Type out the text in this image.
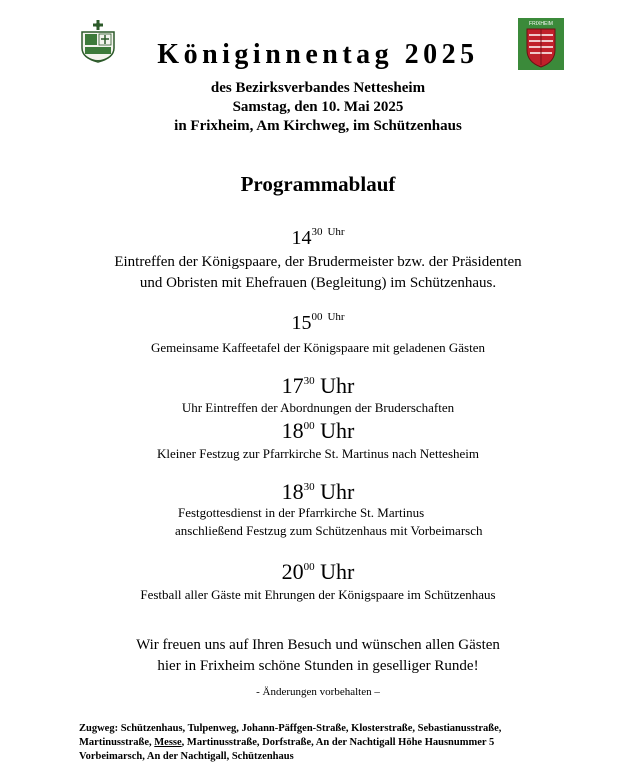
FRIXHEIM
Königinnentag 2025
des Bezirksverbandes Nettesheim
Samstag, den 10. Mai 2025
in Frixheim, Am Kirchweg, im Schützenhaus
Programmablauf
$14^{30}$ $^{Uhr}$
Eintreffen der Königspaare, der Brudermeister bzw. der Präsidenten
und Obristen mit Ehefrauen (Begleitung) im Schützenhaus.
$15^{00}$ $^{Uhr}$
Gemeinsame Kaffeetafel der Königspaare mit geladenen Gästen
$17^{30}$ Uhr
Uhr Eintreffen der Abordnungen der Bruderschaften
$18^{00}$ Uhr
Kleiner Festzug zur Pfarrkirche St. Martinus nach Nettesheim
$18^{30}$ Uhr
Festgottesdienst in der Pfarrkirche St. Martinus
anschließend Festzug zum Schützenhaus mit Vorbeimarsch
$20^{00}$ Uhr
Festball aller Gäste mit Ehrungen der Königspaare im Schützenhaus
Wir freuen uns auf Ihren Besuch und wünschen allen Gästen
hier in Frixheim schöne Stunden in geselliger Runde!
- Änderungen vorbehalten –
Zugweg: Schützenhaus, Tulpenweg, Johann-Päffgen-Straße, Klosterstraße, Sebastianusstraße,
Martinusstraße, Messe, Martinusstraße, Dorfstraße, An der Nachtigall Höhe Hausnummer 5
Vorbeimarsch, An der Nachtigall, Schützenhaus
